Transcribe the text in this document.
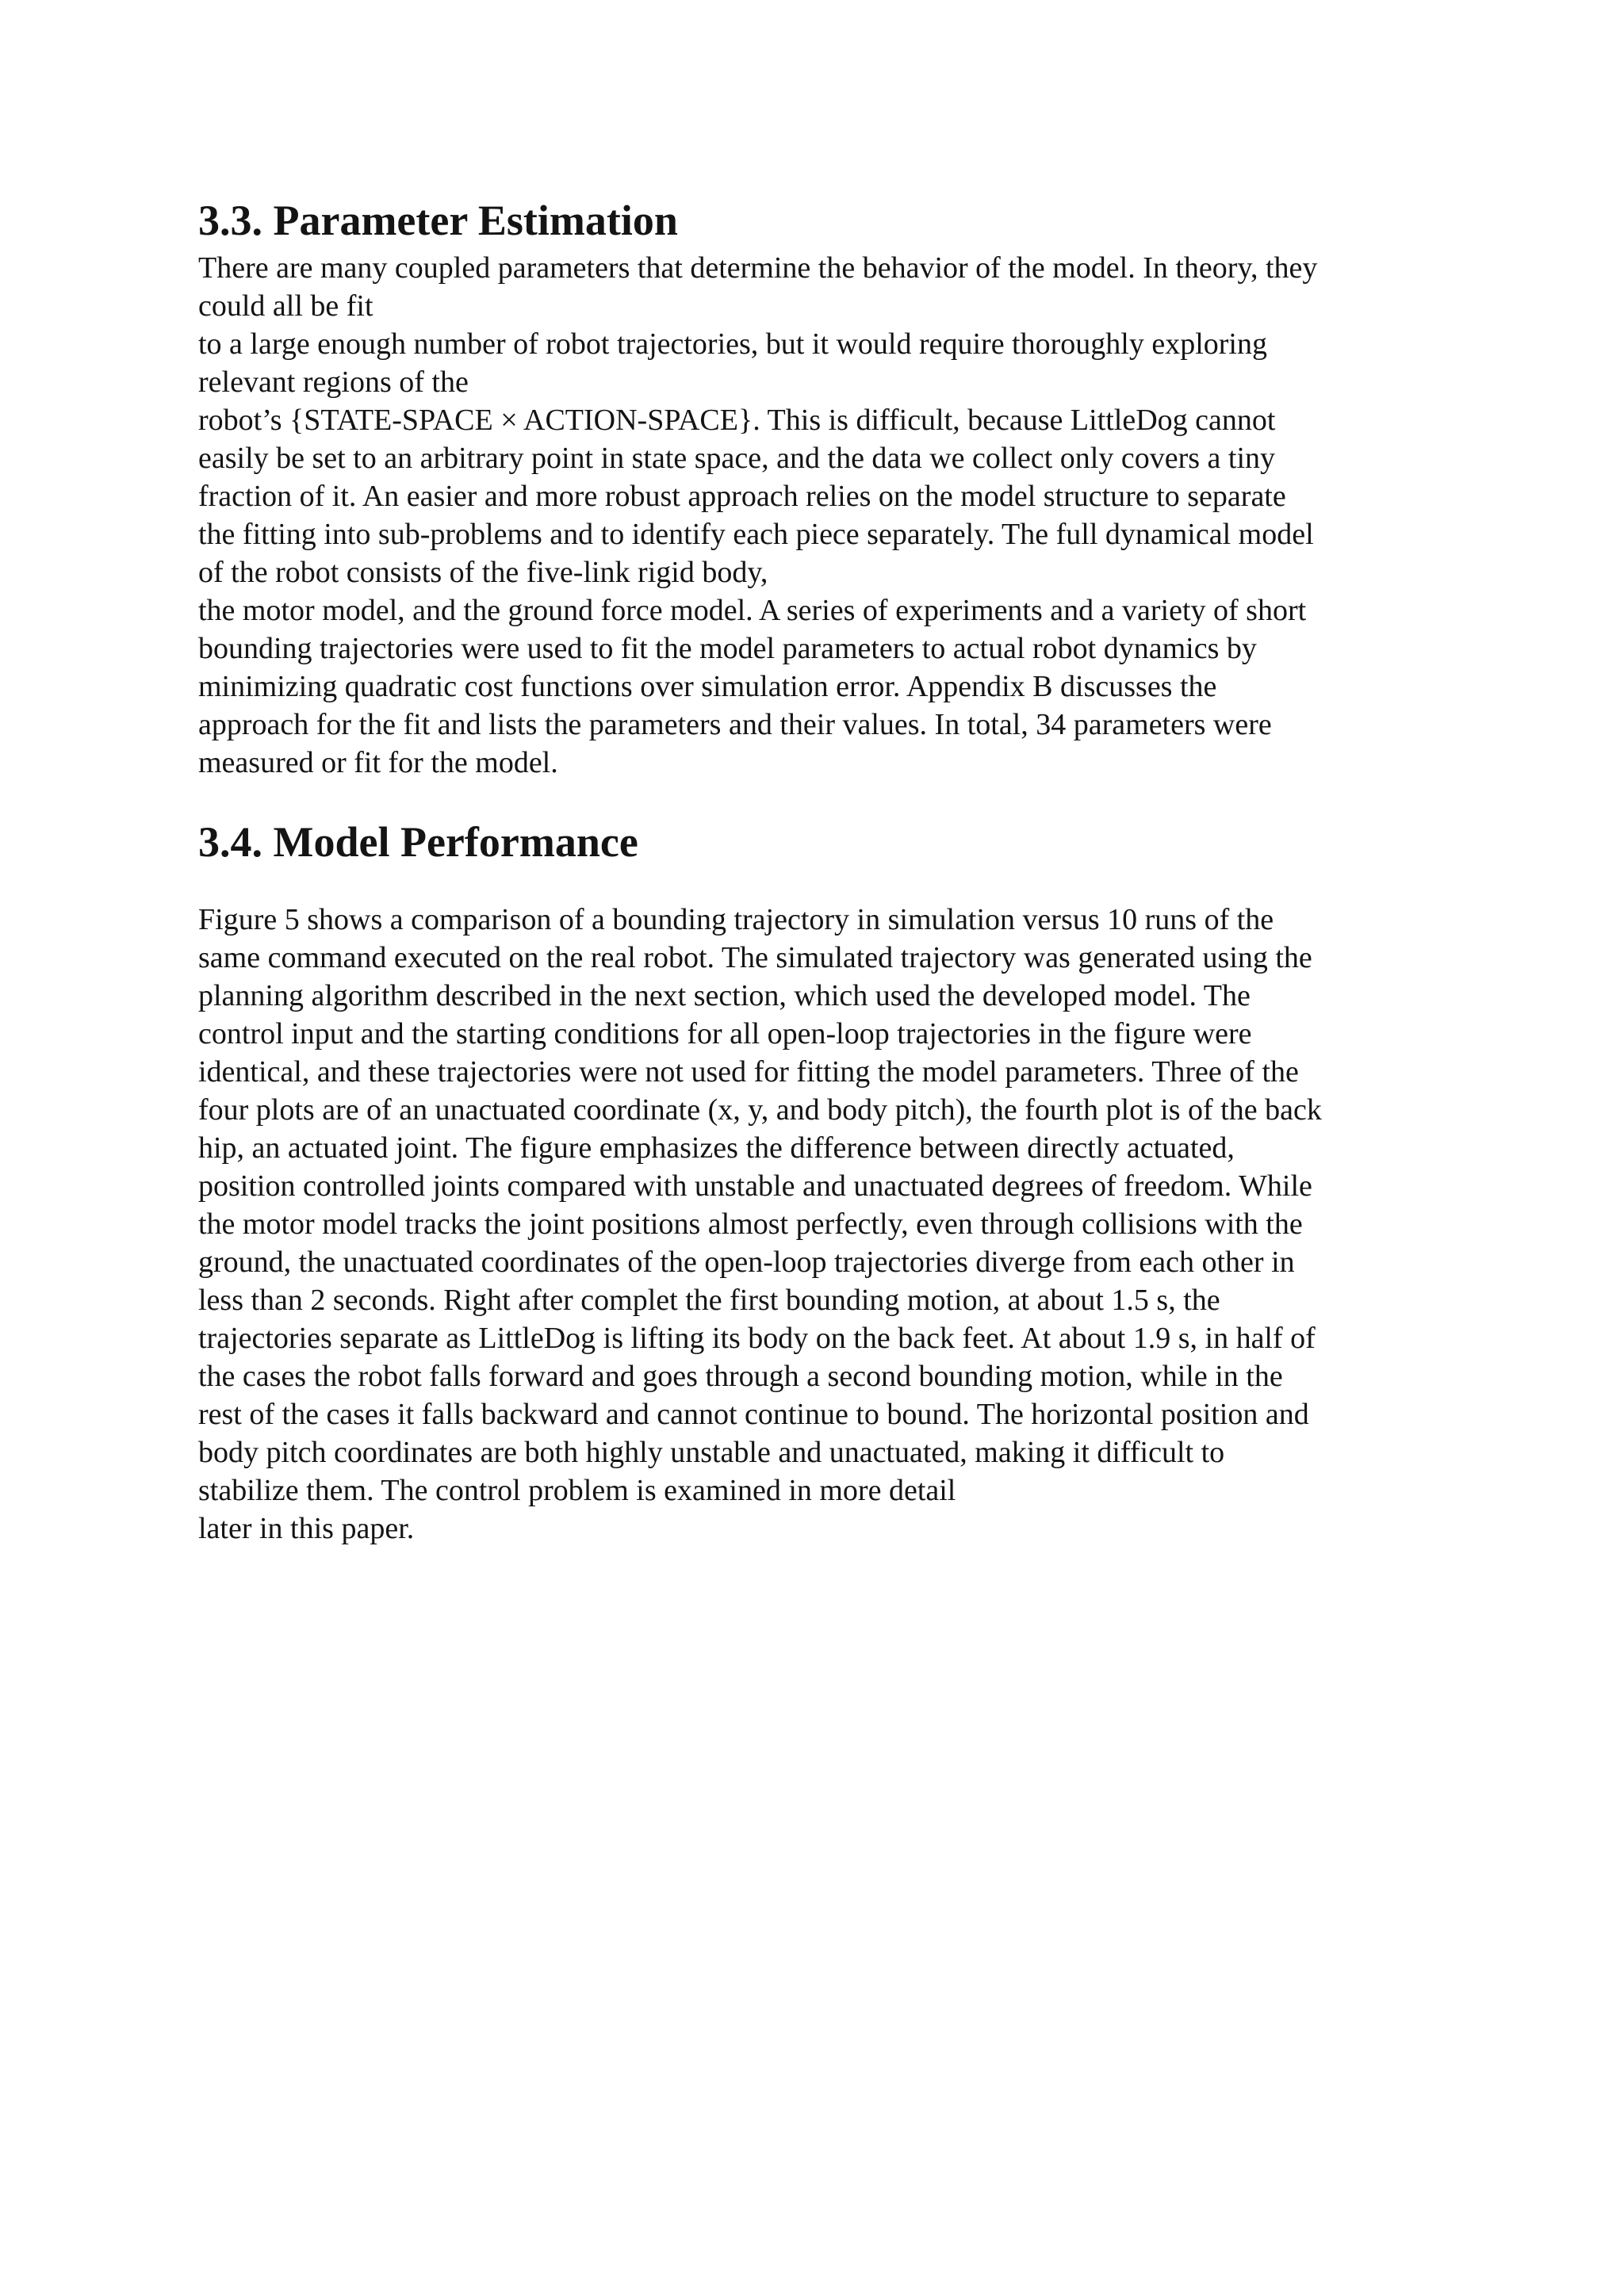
3.3. Parameter Estimation
There are many coupled parameters that determine the behavior of the model. In theory, they
could all be fit
to a large enough number of robot trajectories, but it would require thoroughly exploring
relevant regions of the
robot’s {STATE-SPACE × ACTION-SPACE}. This is difficult, because LittleDog cannot
easily be set to an arbitrary point in state space, and the data we collect only covers a tiny
fraction of it. An easier and more robust approach relies on the model structure to separate
the fitting into sub-problems and to identify each piece separately. The full dynamical model
of the robot consists of the five-link rigid body,
the motor model, and the ground force model. A series of experiments and a variety of short
bounding trajectories were used to fit the model parameters to actual robot dynamics by
minimizing quadratic cost functions over simulation error. Appendix B discusses the
approach for the fit and lists the parameters and their values. In total, 34 parameters were
measured or fit for the model.
3.4. Model Performance
Figure 5 shows a comparison of a bounding trajectory in simulation versus 10 runs of the
same command executed on the real robot. The simulated trajectory was generated using the
planning algorithm described in the next section, which used the developed model. The
control input and the starting conditions for all open-loop trajectories in the figure were
identical, and these trajectories were not used for fitting the model parameters. Three of the
four plots are of an unactuated coordinate (x, y, and body pitch), the fourth plot is of the back
hip, an actuated joint. The figure emphasizes the difference between directly actuated,
position controlled joints compared with unstable and unactuated degrees of freedom. While
the motor model tracks the joint positions almost perfectly, even through collisions with the
ground, the unactuated coordinates of the open-loop trajectories diverge from each other in
less than 2 seconds. Right after complet the first bounding motion, at about 1.5 s, the
trajectories separate as LittleDog is lifting its body on the back feet. At about 1.9 s, in half of
the cases the robot falls forward and goes through a second bounding motion, while in the
rest of the cases it falls backward and cannot continue to bound. The horizontal position and
body pitch coordinates are both highly unstable and unactuated, making it difficult to
stabilize them. The control problem is examined in more detail
later in this paper.
